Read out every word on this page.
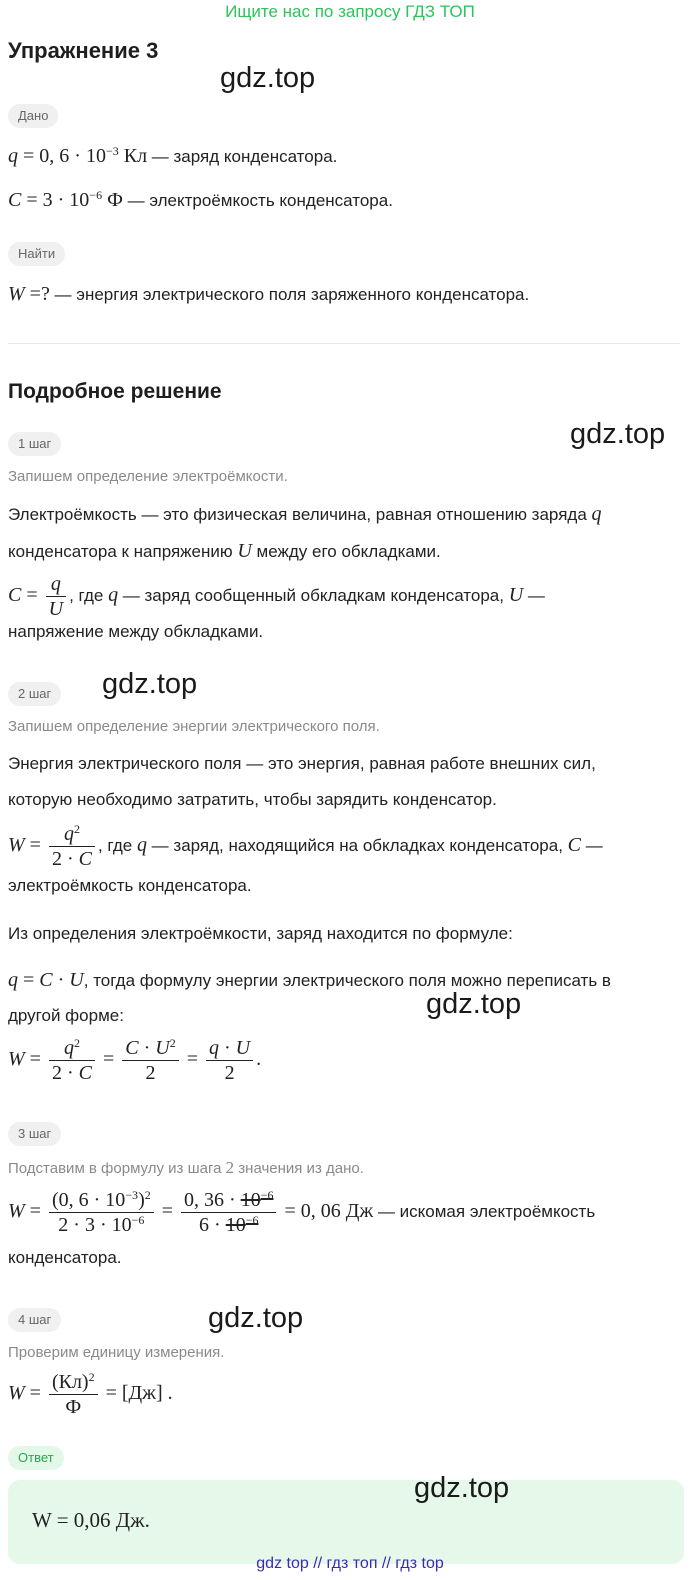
Ищите нас по запросу ГДЗ ТОП
Упражнение 3
gdz.top
Дано
q = 0, $6 \cdot 10^{-3}$ Кл — заряд конденсатора.
$C = 3 \cdot 10^{-6}$ Ф — электроёмкость конденсатора.
Найти
W =? — энергия электрического поля заряженного конденсатора.
Подробное решение
gdz.top
1 шаг
Запишем определение электроёмкости.
Электроёмкость — это физическая величина, равная отношению заряда q
конденсатора к напряжению U между его обкладками.
$C = \frac{q}{U}$ , где q — заряд сообщенный обкладкам конденсатора, U —
напряжение между обкладками.
2 шаг	gdz.top
Запишем определение энергии электрического поля.
Энергия электрического поля — это энергия, равная работе внешних сил,
которую необходимо затратить, чтобы зарядить конденсатор.
$W = \frac{q^2}{2 \cdot C}$ , где q — заряд, находящийся на обкладках конденсатора, C —
электроёмкость конденсатора.
Из определения электроёмкости, заряд находится по формуле:
q = C · U, тогда формулу энергии электрического поля можно переписать в
другой форме:	gdz.top
$W = \frac{q^2}{2 \cdot C} = \frac{C \cdot U^2}{2} = \frac{q \cdot U}{2}$ .
3 шаг
Подставим в формулу из шага 2 значения из дано.
$W = \frac{(0, 6 \cdot 10^{-3})^2}{2 \cdot 3 \cdot 10^{-6}} = \frac{0, 36 \cdot 10^{-6}}{6 \cdot 10^{-6}} = 0$, 06 Дж — искомая электроёмкость
конденсатора.
4 шаг	gdz.top
Проверим единицу измерения.
$W = \frac{(Кл)^2}{Ф} = [Дж]$ .
Ответ
W = 0,06 Дж.
gdz.top
gdz top // гдз топ // гдз top
